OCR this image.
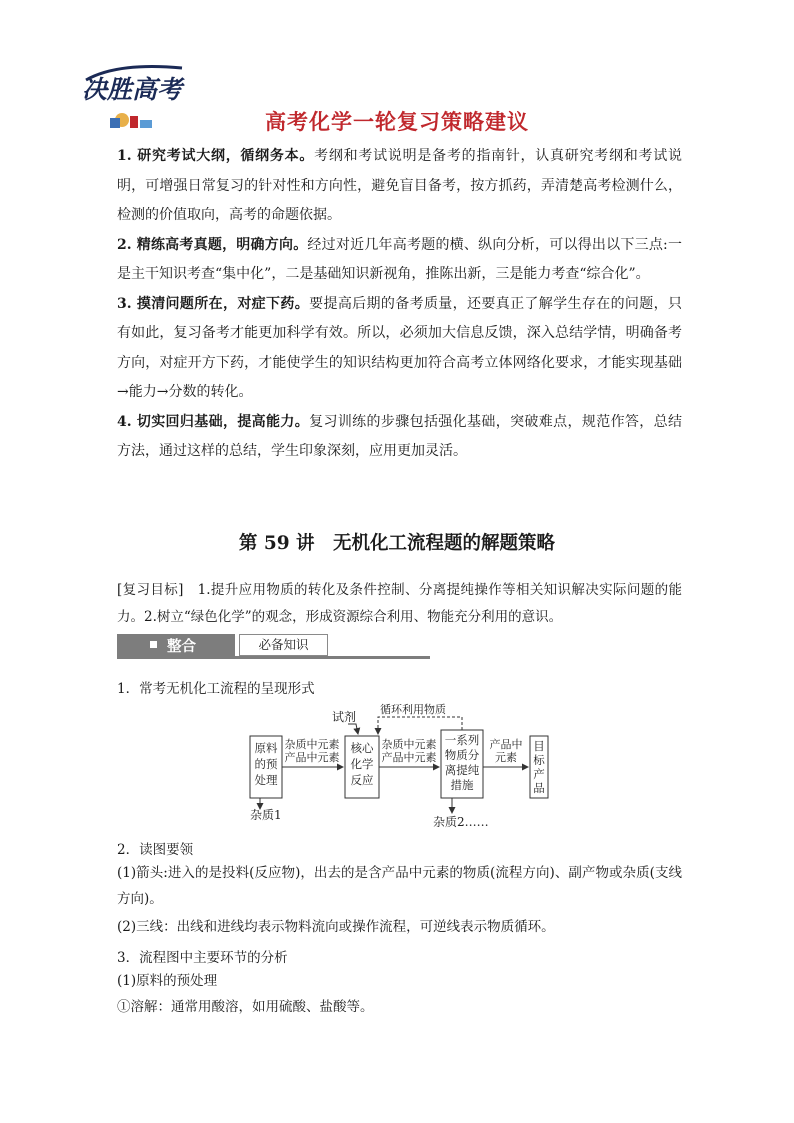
决胜高考
高考化学一轮复习策略建议

1. 研究考试大纲，循纲务本。考纲和考试说明是备考的指南针，认真研究考纲和考试说明，可增强日常复习的针对性和方向性，避免盲目备考，按方抓药，弄清楚高考检测什么，检测的价值取向，高考的命题依据。

2. 精练高考真题，明确方向。经过对近几年高考题的横、纵向分析，可以得出以下三点:一是主干知识考查“集中化”，二是基础知识新视角，推陈出新，三是能力考查“综合化”。

3. 摸清问题所在，对症下药。要提高后期的备考质量，还要真正了解学生存在的问题，只有如此，复习备考才能更加科学有效。所以，必须加大信息反馈，深入总结学情，明确备考方向，对症开方下药，才能使学生的知识结构更加符合高考立体网络化要求，才能实现基础→能力→分数的转化。

4. 切实回归基础，提高能力。复习训练的步骤包括强化基础，突破难点，规范作答，总结方法，通过这样的总结，学生印象深刻，应用更加灵活。

第 59 讲　无机化工流程题的解题策略

[复习目标]　1.提升应用物质的转化及条件控制、分离提纯操作等相关知识解决实际问题的能力。2.树立“绿色化学”的观念，形成资源综合利用、物能充分利用的意识。

整合	必备知识

1．常考无机化工流程的呈现形式

原料
的预
处理
核心
化学
反应
一系列
物质分
离提纯
措施
目
标
产
品
杂质中元素
产品中元素
杂质中元素
产品中元素
产品中
元素
试剂
循环利用物质
杂质1	杂质2……

2．读图要领

(1)箭头:进入的是投料(反应物)，出去的是含产品中元素的物质(流程方向)、副产物或杂质(支线方向)。

(2)三线：出线和进线均表示物料流向或操作流程，可逆线表示物质循环。

3．流程图中主要环节的分析

(1)原料的预处理

①溶解：通常用酸溶，如用硫酸、盐酸等。
